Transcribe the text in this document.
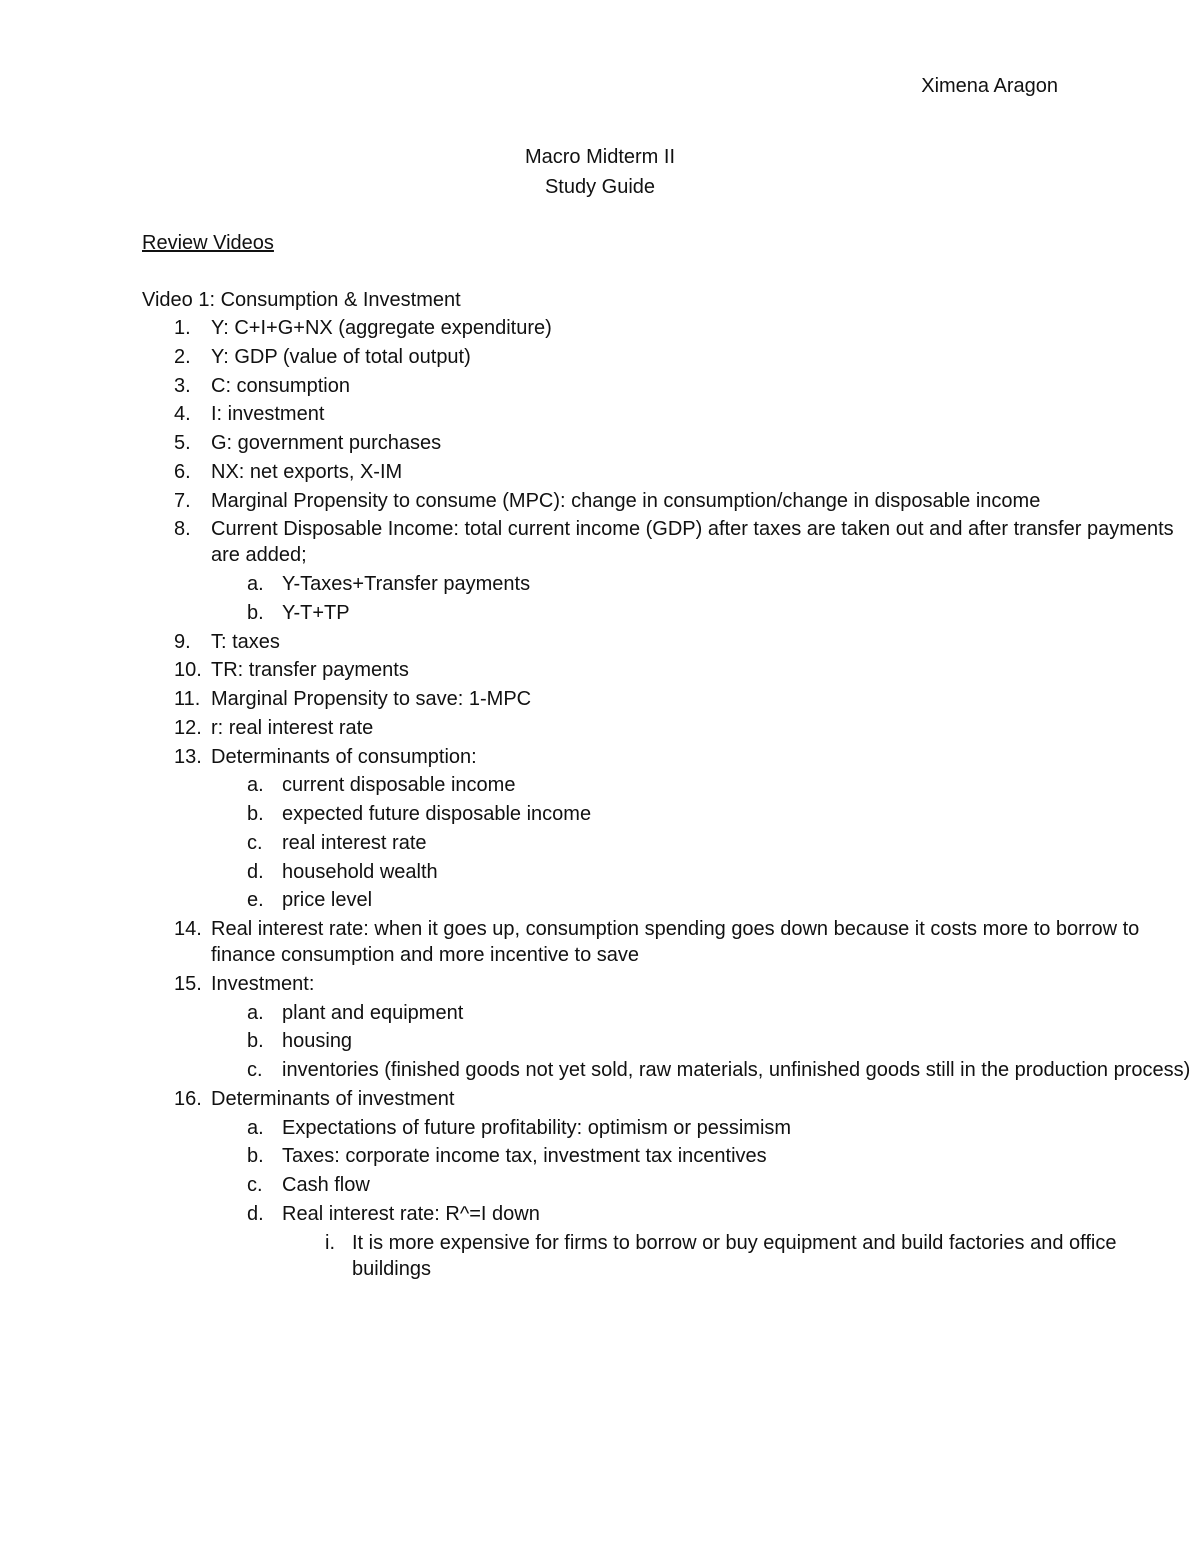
Ximena Aragon
Macro Midterm II
Study Guide
Review Videos
Video 1: Consumption & Investment
1.	Y: C+I+G+NX (aggregate expenditure)
2.	Y: GDP (value of total output)
3.	C: consumption
4.	I: investment
5.	G: government purchases
6.	NX: net exports, X-IM
7.	Marginal Propensity to consume (MPC): change in consumption/change in disposable income
8.	Current Disposable Income: total current income (GDP) after taxes are taken out and after transfer payments are added;
a. Y-Taxes+Transfer payments
b. Y-T+TP
9.	T: taxes
10. TR: transfer payments
11. Marginal Propensity to save: 1-MPC
12. r: real interest rate
13. Determinants of consumption:
a. current disposable income
b. expected future disposable income
c. real interest rate
d. household wealth
e. price level
14. Real interest rate: when it goes up, consumption spending goes down because it costs more to borrow to finance consumption and more incentive to save
15. Investment:
a. plant and equipment
b. housing
c. inventories (finished goods not yet sold, raw materials, unfinished goods still in the production process)
16. Determinants of investment
a. Expectations of future profitability: optimism or pessimism
b. Taxes: corporate income tax, investment tax incentives
c. Cash flow
d. Real interest rate: R^=I down
i. It is more expensive for firms to borrow or buy equipment and build factories and office buildings
